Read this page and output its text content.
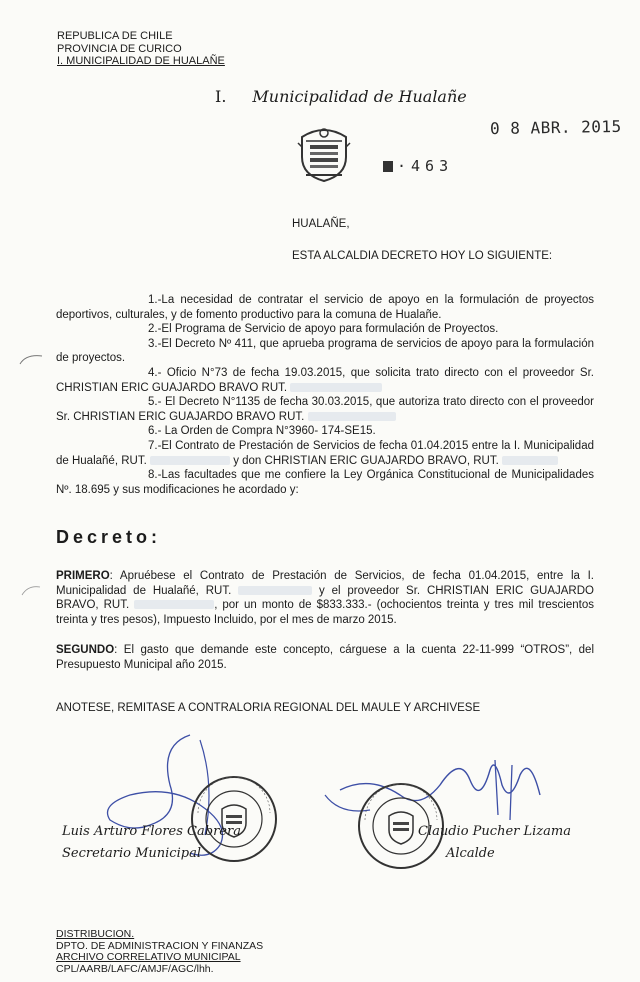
REPUBLICA DE CHILE
PROVINCIA DE CURICO
I. MUNICIPALIDAD DE HUALAÑE
I. Municipalidad de Hualañe
0 8 ABR. 2015
·463
HUALAÑE,
ESTA ALCALDIA DECRETO HOY LO SIGUIENTE:

1.-La necesidad de contratar el servicio de apoyo en la formulación de proyectos deportivos, culturales, y de fomento productivo para la comuna de Hualañe.

2.-El Programa de Servicio de apoyo para formulación de Proyectos.

3.-El Decreto Nº 411, que aprueba programa de servicios de apoyo para la formulación de proyectos.

4.- Oficio N°73 de fecha 19.03.2015, que solicita trato directo con el proveedor Sr. CHRISTIAN ERIC GUAJARDO BRAVO RUT.

5.- El Decreto N°1135 de fecha 30.03.2015, que autoriza trato directo con el proveedor Sr. CHRISTIAN ERIC GUAJARDO BRAVO RUT.

6.- La Orden de Compra N°3960- 174-SE15.

7.-El Contrato de Prestación de Servicios de fecha 01.04.2015 entre la I. Municipalidad de Hualañé, RUT.	y don CHRISTIAN ERIC GUAJARDO BRAVO, RUT.

8.-Las facultades que me confiere la Ley Orgánica Constitucional de Municipalidades Nº. 18.695 y sus modificaciones he acordado y:

Decreto:
PRIMERO: Apruébese el Contrato de Prestación de Servicios, de fecha 01.04.2015, entre la I. Municipalidad de Hualañé, RUT.	y el proveedor Sr. CHRISTIAN ERIC GUAJARDO BRAVO, RUT.	, por un monto de $833.333.- (ochocientos treinta y tres mil trescientos treinta y tres pesos), Impuesto Incluido, por el mes de marzo 2015.
SEGUNDO: El gasto que demande este concepto, cárguese a la cuenta 22-11-999 “OTROS”, del Presupuesto Municipal año 2015.
ANOTESE, REMITASE A CONTRALORIA REGIONAL DEL MAULE Y ARCHIVESE
Luis Arturo Flores Cabrera
Secretario Municipal
Claudio Pucher Lizama
Alcalde
DISTRIBUCION.
DPTO. DE ADMINISTRACION Y FINANZAS
ARCHIVO CORRELATIVO MUNICIPAL
CPL/AARB/LAFC/AMJF/AGC/lhh.
